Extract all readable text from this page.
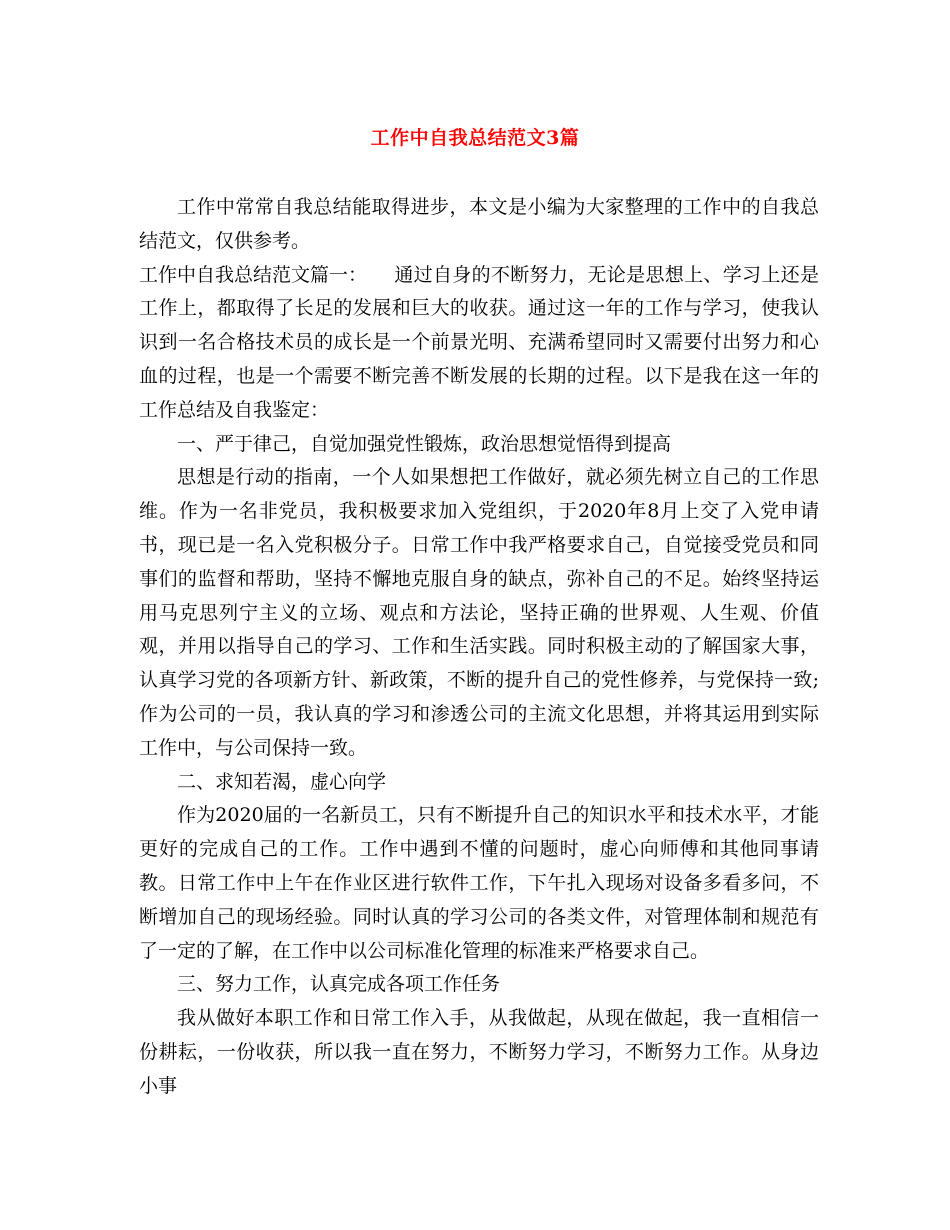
工作中自我总结范文3篇

工作中常常自我总结能取得进步，本文是小编为大家整理的工作中的自我总结范文，仅供参考。

工作中自我总结范文篇一： 通过自身的不断努力，无论是思想上、学习上还是工作上，都取得了长足的发展和巨大的收获。通过这一年的工作与学习，使我认识到一名合格技术员的成长是一个前景光明、充满希望同时又需要付出努力和心血的过程，也是一个需要不断完善不断发展的长期的过程。以下是我在这一年的工作总结及自我鉴定：

一、严于律己，自觉加强党性锻炼，政治思想觉悟得到提高

思想是行动的指南，一个人如果想把工作做好，就必须先树立自己的工作思维。作为一名非党员，我积极要求加入党组织，于2020年8月上交了入党申请书，现已是一名入党积极分子。日常工作中我严格要求自己，自觉接受党员和同事们的监督和帮助，坚持不懈地克服自身的缺点，弥补自己的不足。始终坚持运用马克思列宁主义的立场、观点和方法论，坚持正确的世界观、人生观、价值观，并用以指导自己的学习、工作和生活实践。同时积极主动的了解国家大事，认真学习党的各项新方针、新政策，不断的提升自己的党性修养，与党保持一致;作为公司的一员，我认真的学习和渗透公司的主流文化思想，并将其运用到实际工作中，与公司保持一致。

二、求知若渴，虚心向学

作为2020届的一名新员工，只有不断提升自己的知识水平和技术水平，才能更好的完成自己的工作。工作中遇到不懂的问题时，虚心向师傅和其他同事请教。日常工作中上午在作业区进行软件工作，下午扎入现场对设备多看多问，不断增加自己的现场经验。同时认真的学习公司的各类文件，对管理体制和规范有了一定的了解，在工作中以公司标准化管理的标准来严格要求自己。

三、努力工作，认真完成各项工作任务

我从做好本职工作和日常工作入手，从我做起，从现在做起，我一直相信一份耕耘，一份收获，所以我一直在努力，不断努力学习，不断努力工作。从身边小事
